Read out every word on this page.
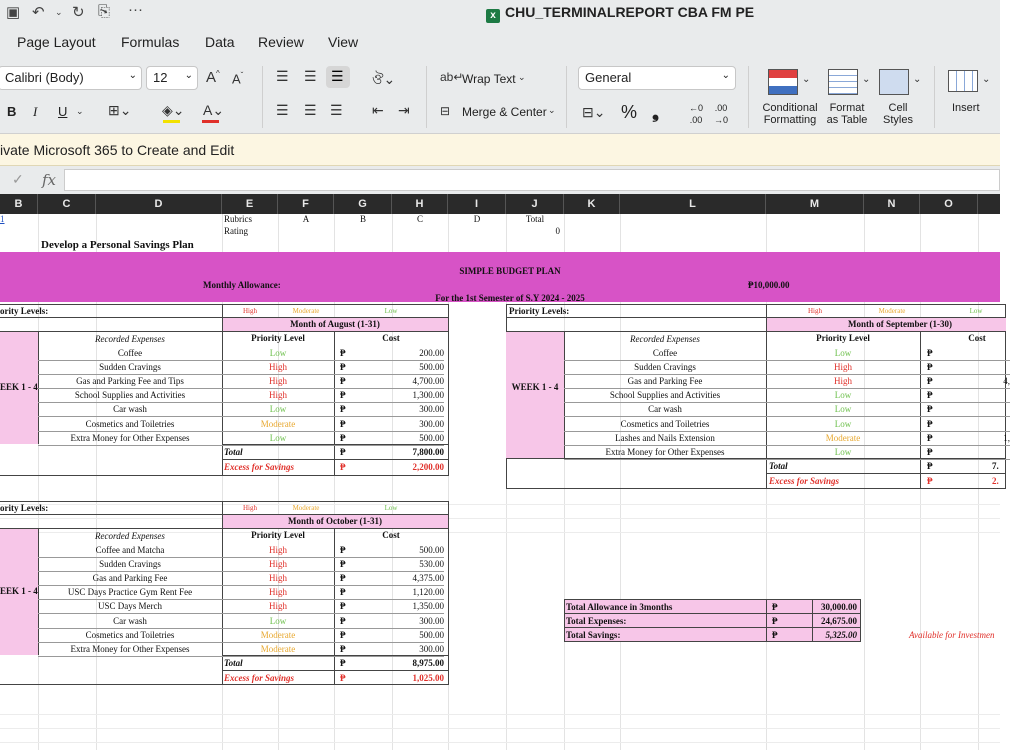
▣ ↶ ⌄ ↻ ⎘ ···	x CHU_TERMINALREPORT CBA FM PE
Page Layout Formulas Data Review View
Calibri (Body)	⌄	12 ⌄ A^ $A^ˇ$
B I U ⌄ ⊞⌄ ◈⌄ A⌄
☰ ☰ ☰ ঔ⌄
☰ ☰ ☰ ⇤ ⇥
ab↵
Wrap Text ⌄
⊟ Merge & Center ⌄
General	⌄
⊟⌄ % ❟	←0
.00
.00
→0
⌄	⌄	⌄
Conditional
Formatting
Format
as Table
Cell
Styles
⌄
Insert
ivate Microsoft 365 to Create and Edit
✓ fx
B	C	D	E	F	G	H	I	J	K	L	M	N	O
1	Rubrics
Rating
A	B	C	D	Total
0
Develop a Personal Savings Plan
SIMPLE BUDGET PLAN
Monthly Allowance:	₱10,000.00
For the 1st Semester of S.Y 2024 - 2025
ority Levels:	High	Moderate	Low
Month of August (1-31)
EEK 1 - 4
Recorded Expenses	Priority Level	Cost
Coffee	Low	₱	200.00
Sudden Cravings	High	₱	500.00
Gas and Parking Fee and Tips	High	₱	4,700.00
School Supplies and Activities	High	₱	1,300.00
Car wash	Low	₱	300.00
Cosmetics and Toiletries	Moderate	₱	300.00
Extra Money for Other Expenses	Low	₱	500.00
Total	₱	7,800.00
Excess for Savings	₱	2,200.00
Priority Levels:	High	Moderate	Low
Month of September (1-30)
WEEK 1 - 4
Recorded Expenses	Priority Level	Cost
Coffee	Low	₱
Sudden Cravings	High	₱
Gas and Parking Fee	High	₱	4,
School Supplies and Activities	Low	₱
Car wash	Low	₱
Cosmetics and Toiletries	Low	₱
Lashes and Nails Extension	Moderate	₱	1,
Extra Money for Other Expenses	Low	₱
Total	₱	7.
Excess for Savings	₱	2.
ority Levels:	High	Moderate	Low
Month of October (1-31)
EEK 1 - 4
Recorded Expenses	Priority Level	Cost
Coffee and Matcha	High	₱	500.00
Sudden Cravings	High	₱	530.00
Gas and Parking Fee	High	₱	4,375.00
USC Days Practice Gym Rent Fee	High	₱	1,120.00
USC Days Merch	High	₱	1,350.00
Car wash	Low	₱	300.00
Cosmetics and Toiletries	Moderate	₱	500.00
Extra Money for Other Expenses	Moderate	₱	300.00
Total	₱	8,975.00
Excess for Savings	₱	1,025.00
Total Allowance in 3months
Total Expenses:
Total Savings:
₱
₱
₱
30,000.00
24,675.00
5,325.00	Available for Investmen
